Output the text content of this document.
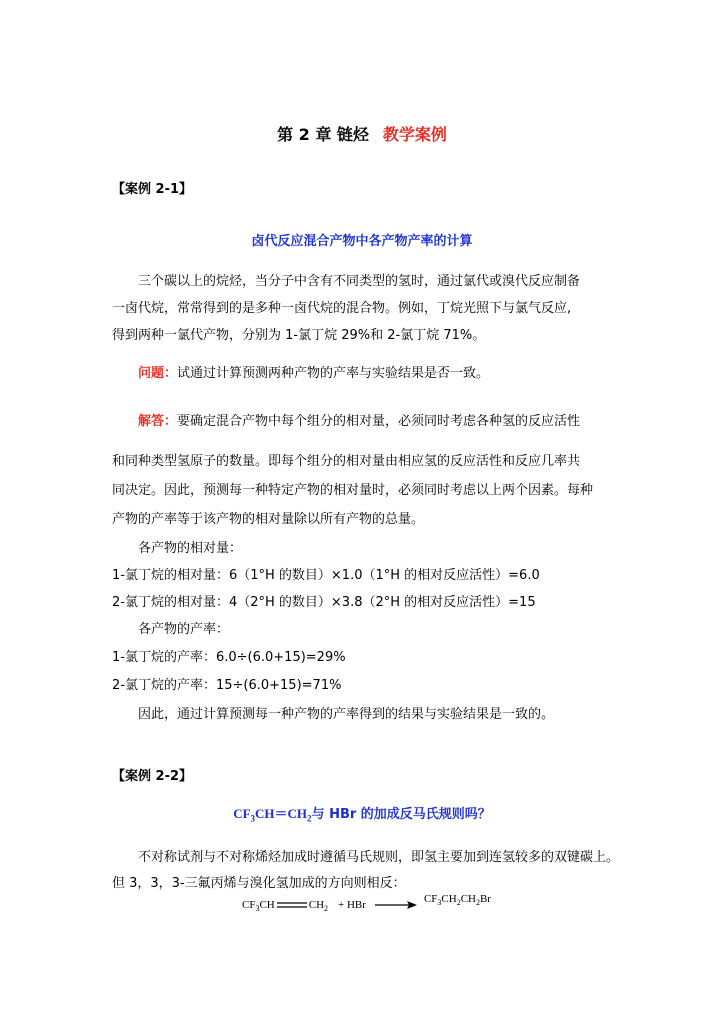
第 2 章 链烃 教学案例
【案例 2-1】
卤代反应混合产物中各产物产率的计算
三个碳以上的烷烃，当分子中含有不同类型的氢时，通过氯代或溴代反应制备
一卤代烷，常常得到的是多种一卤代烷的混合物。例如，丁烷光照下与氯气反应,
得到两种一氯代产物，分别为 1-氯丁烷 29%和 2-氯丁烷 71%。
问题：试通过计算预测两种产物的产率与实验结果是否一致。
解答：要确定混合产物中每个组分的相对量，必须同时考虑各种氢的反应活性
和同种类型氢原子的数量。即每个组分的相对量由相应氢的反应活性和反应几率共
同决定。因此，预测每一种特定产物的相对量时，必须同时考虑以上两个因素。每种
产物的产率等于该产物的相对量除以所有产物的总量。
各产物的相对量：
1-氯丁烷的相对量：6（1°H 的数目）×1.0（1°H 的相对反应活性）=6.0
2-氯丁烷的相对量：4（2°H 的数目）×3.8（2°H 的相对反应活性）=15
各产物的产率：
1-氯丁烷的产率：6.0÷(6.0+15)=29%
2-氯丁烷的产率：15÷(6.0+15)=71%
因此，通过计算预测每一种产物的产率得到的结果与实验结果是一致的。
【案例 2-2】
$CF_3CH=CH_2$与 HBr 的加成反马氏规则吗？
不对称试剂与不对称烯烃加成时遵循马氏规则，即氢主要加到连氢较多的双键碳上。
但 3，3，3-三氟丙烯与溴化氢加成的方向则相反：
$CF_3CH$	$CH_2$ + HBr $\to CF_3CH_2CH_2Br$
